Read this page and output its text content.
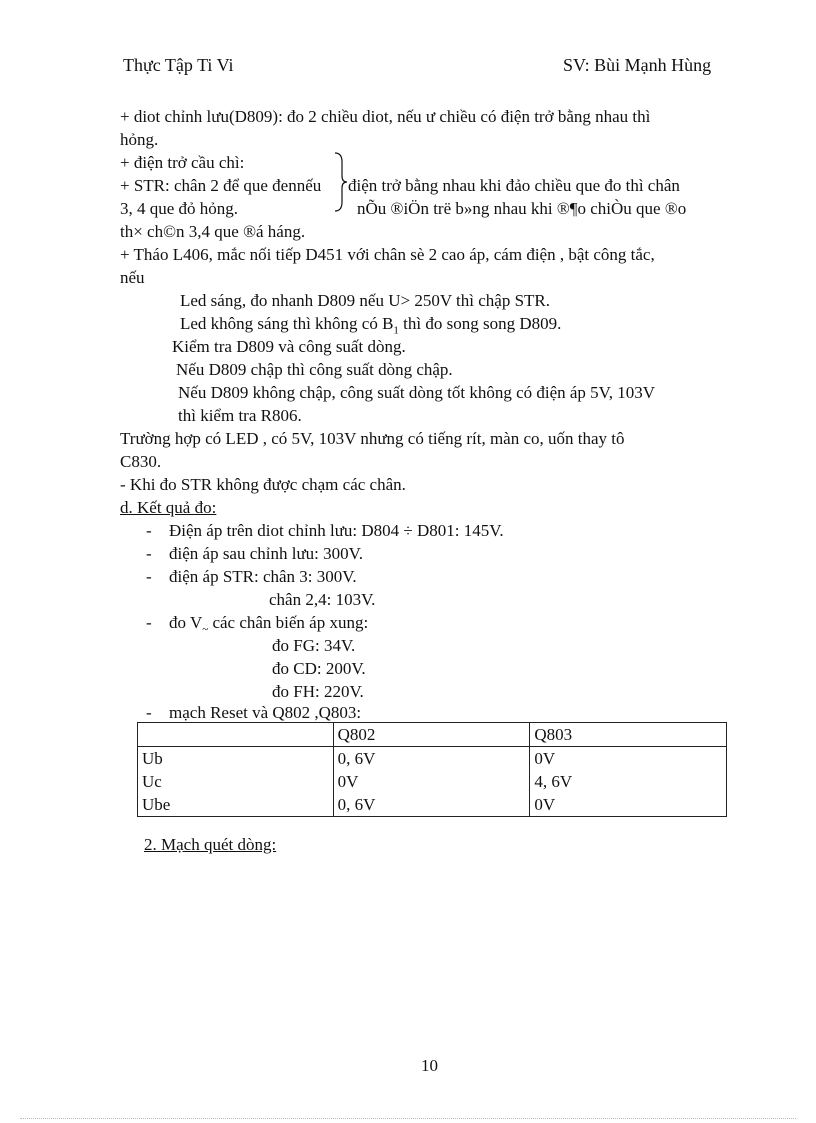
Thực Tập Ti Vi	SV: Bùi Mạnh Hùng
+ diot chỉnh lưu(D809): đo 2 chiều diot, nếu ư chiều có điện trở bằng nhau thì
hỏng.
+ điện trở cầu chì:
+ STR: chân 2 để que đennếu điện trở bằng nhau khi đảo chiều que đo thì chân
3, 4 que đỏ hỏng.	nÕu ®iÖn trë b»ng nhau khi ®¶o chiÒu que ®o
th× ch©n 3,4 que ®á háng.
+ Tháo L406, mắc nối tiếp D451 với chân sè 2 cao áp, cám điện , bật công tắc,
nếu
Led sáng, đo nhanh D809 nếu U> 250V thì chập STR.
Led không sáng thì không có $B_1$ thì đo song song D809.
Kiểm tra D809 và công suất dòng.
Nếu D809 chập thì công suất dòng chập.
Nếu D809 không chập, công suất dòng tốt không có điện áp 5V, 103V
thì kiểm tra R806.
Trường hợp có LED , có 5V, 103V nhưng có tiếng rít, màn co, uốn thay tô
C830.
- Khi đo STR không được chạm các chân.
d. Kết quả đo:
- Điện áp trên diot chỉnh lưu: D804 ÷ D801: 145V.
- điện áp sau chỉnh lưu: 300V.
- điện áp STR: chân 3: 300V.
chân 2,4: 103V.
- đo $V_\sim$ các chân biến áp xung:
đo FG: 34V.
đo CD: 200V.
đo FH: 220V.
- mạch Reset và Q802 ,Q803:
	Q802	Q803
Ub	0, 6V	0V
Uc	0V	4, 6V
Ube	0, 6V	0V
2. Mạch quét dòng:
10
